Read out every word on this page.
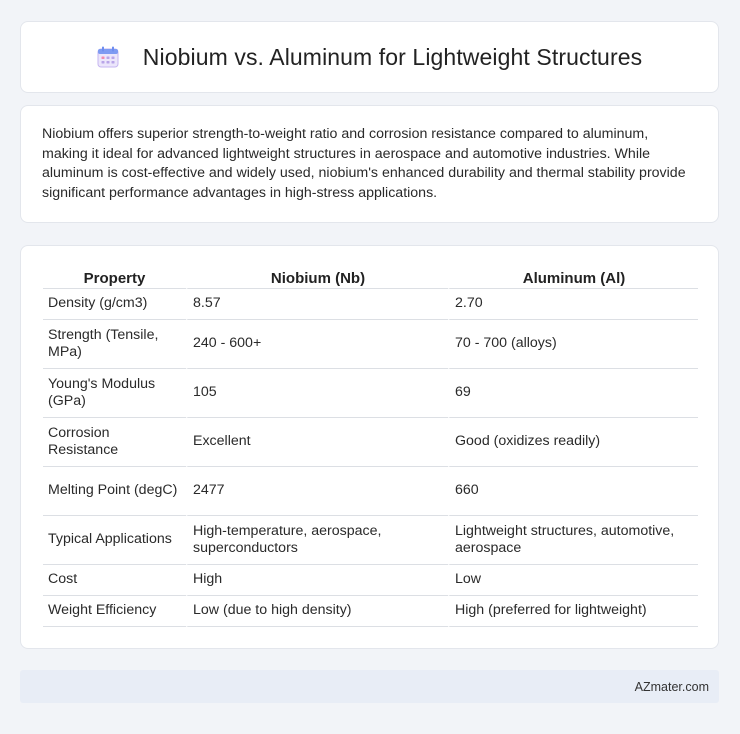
Niobium vs. Aluminum for Lightweight Structures

Niobium offers superior strength-to-weight ratio and corrosion resistance compared to aluminum, making it ideal for advanced lightweight structures in aerospace and automotive industries. While aluminum is cost-effective and widely used, niobium's enhanced durability and thermal stability provide significant performance advantages in high-stress applications.

Property	Niobium (Nb)	Aluminum (Al)
Density (g/cm3)	8.57	2.70
Strength (Tensile, MPa)	240 - 600+	70 - 700 (alloys)
Young's Modulus (GPa)	105	69
Corrosion Resistance	Excellent	Good (oxidizes readily)
Melting Point (degC)	2477	660
Typical Applications	High-temperature, aerospace, superconductors	Lightweight structures, automotive, aerospace
Cost	High	Low
Weight Efficiency	Low (due to high density)	High (preferred for lightweight)
AZmater.com
